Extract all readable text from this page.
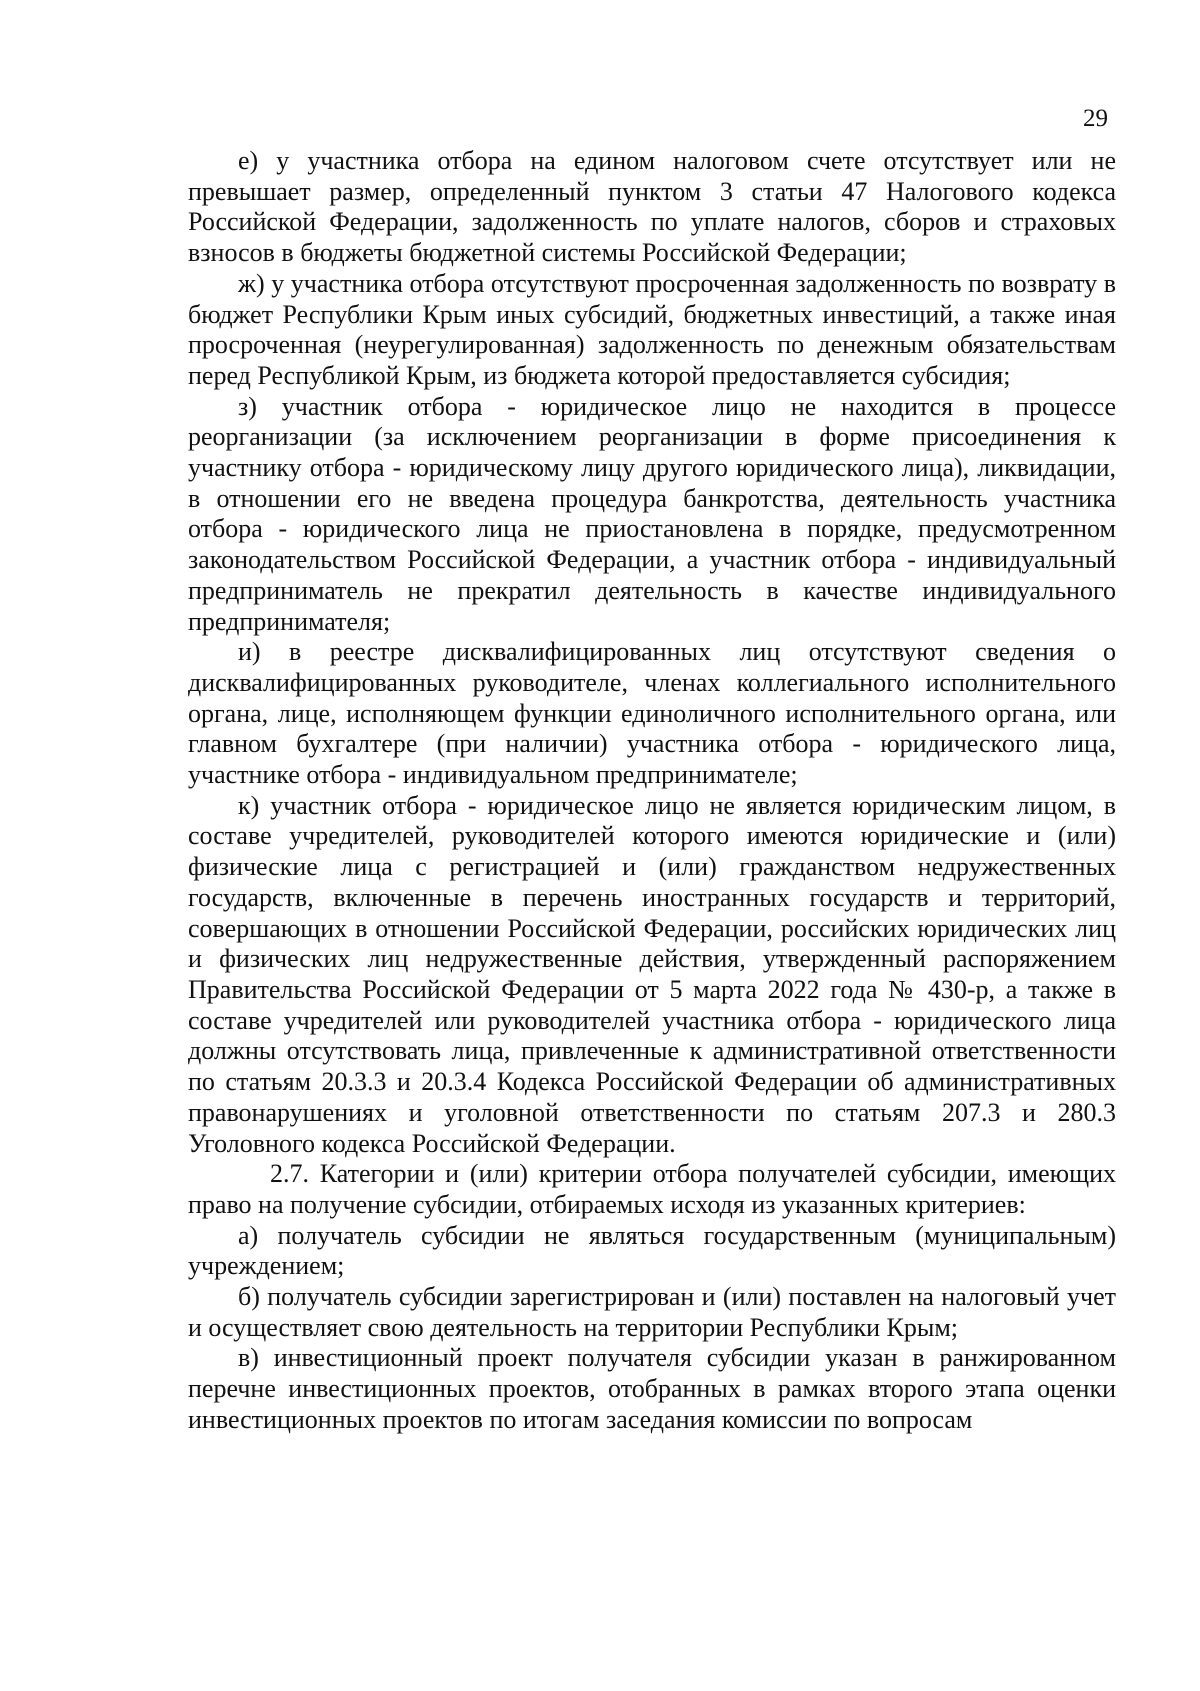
29

е) у участника отбора на едином налоговом счете отсутствует или не превышает размер, определенный пунктом 3 статьи 47 Налогового кодекса Российской Федерации, задолженность по уплате налогов, сборов и страховых взносов в бюджеты бюджетной системы Российской Федерации;

ж) у участника отбора отсутствуют просроченная задолженность по возврату в бюджет Республики Крым иных субсидий, бюджетных инвестиций, а также иная просроченная (неурегулированная) задолженность по денежным обязательствам перед Республикой Крым, из бюджета которой предоставляется субсидия;

з) участник отбора - юридическое лицо не находится в процессе реорганизации (за исключением реорганизации в форме присоединения к участнику отбора - юридическому лицу другого юридического лица), ликвидации, в отношении его не введена процедура банкротства, деятельность участника отбора - юридического лица не приостановлена в порядке, предусмотренном законодательством Российской Федерации, а участник отбора - индивидуальный предприниматель не прекратил деятельность в качестве индивидуального предпринимателя;

и) в реестре дисквалифицированных лиц отсутствуют сведения о дисквалифицированных руководителе, членах коллегиального исполнительного органа, лице, исполняющем функции единоличного исполнительного органа, или главном бухгалтере (при наличии) участника отбора - юридического лица, участнике отбора - индивидуальном предпринимателе;

к) участник отбора - юридическое лицо не является юридическим лицом, в составе учредителей, руководителей которого имеются юридические и (или) физические лица с регистрацией и (или) гражданством недружественных государств, включенные в перечень иностранных государств и территорий, совершающих в отношении Российской Федерации, российских юридических лиц и физических лиц недружественные действия, утвержденный распоряжением Правительства Российской Федерации от 5 марта 2022 года № 430-р, а также в составе учредителей или руководителей участника отбора - юридического лица должны отсутствовать лица, привлеченные к административной ответственности по статьям 20.3.3 и 20.3.4 Кодекса Российской Федерации об административных правонарушениях и уголовной ответственности по статьям 207.3 и 280.3 Уголовного кодекса Российской Федерации.

2.7. Категории и (или) критерии отбора получателей субсидии, имеющих право на получение субсидии, отбираемых исходя из указанных критериев:

а) получатель субсидии не являться государственным (муниципальным) учреждением;

б) получатель субсидии зарегистрирован и (или) поставлен на налоговый учет и осуществляет свою деятельность на территории Республики Крым;

в) инвестиционный проект получателя субсидии указан в ранжированном перечне инвестиционных проектов, отобранных в рамках второго этапа оценки инвестиционных проектов по итогам заседания комиссии по вопросам
